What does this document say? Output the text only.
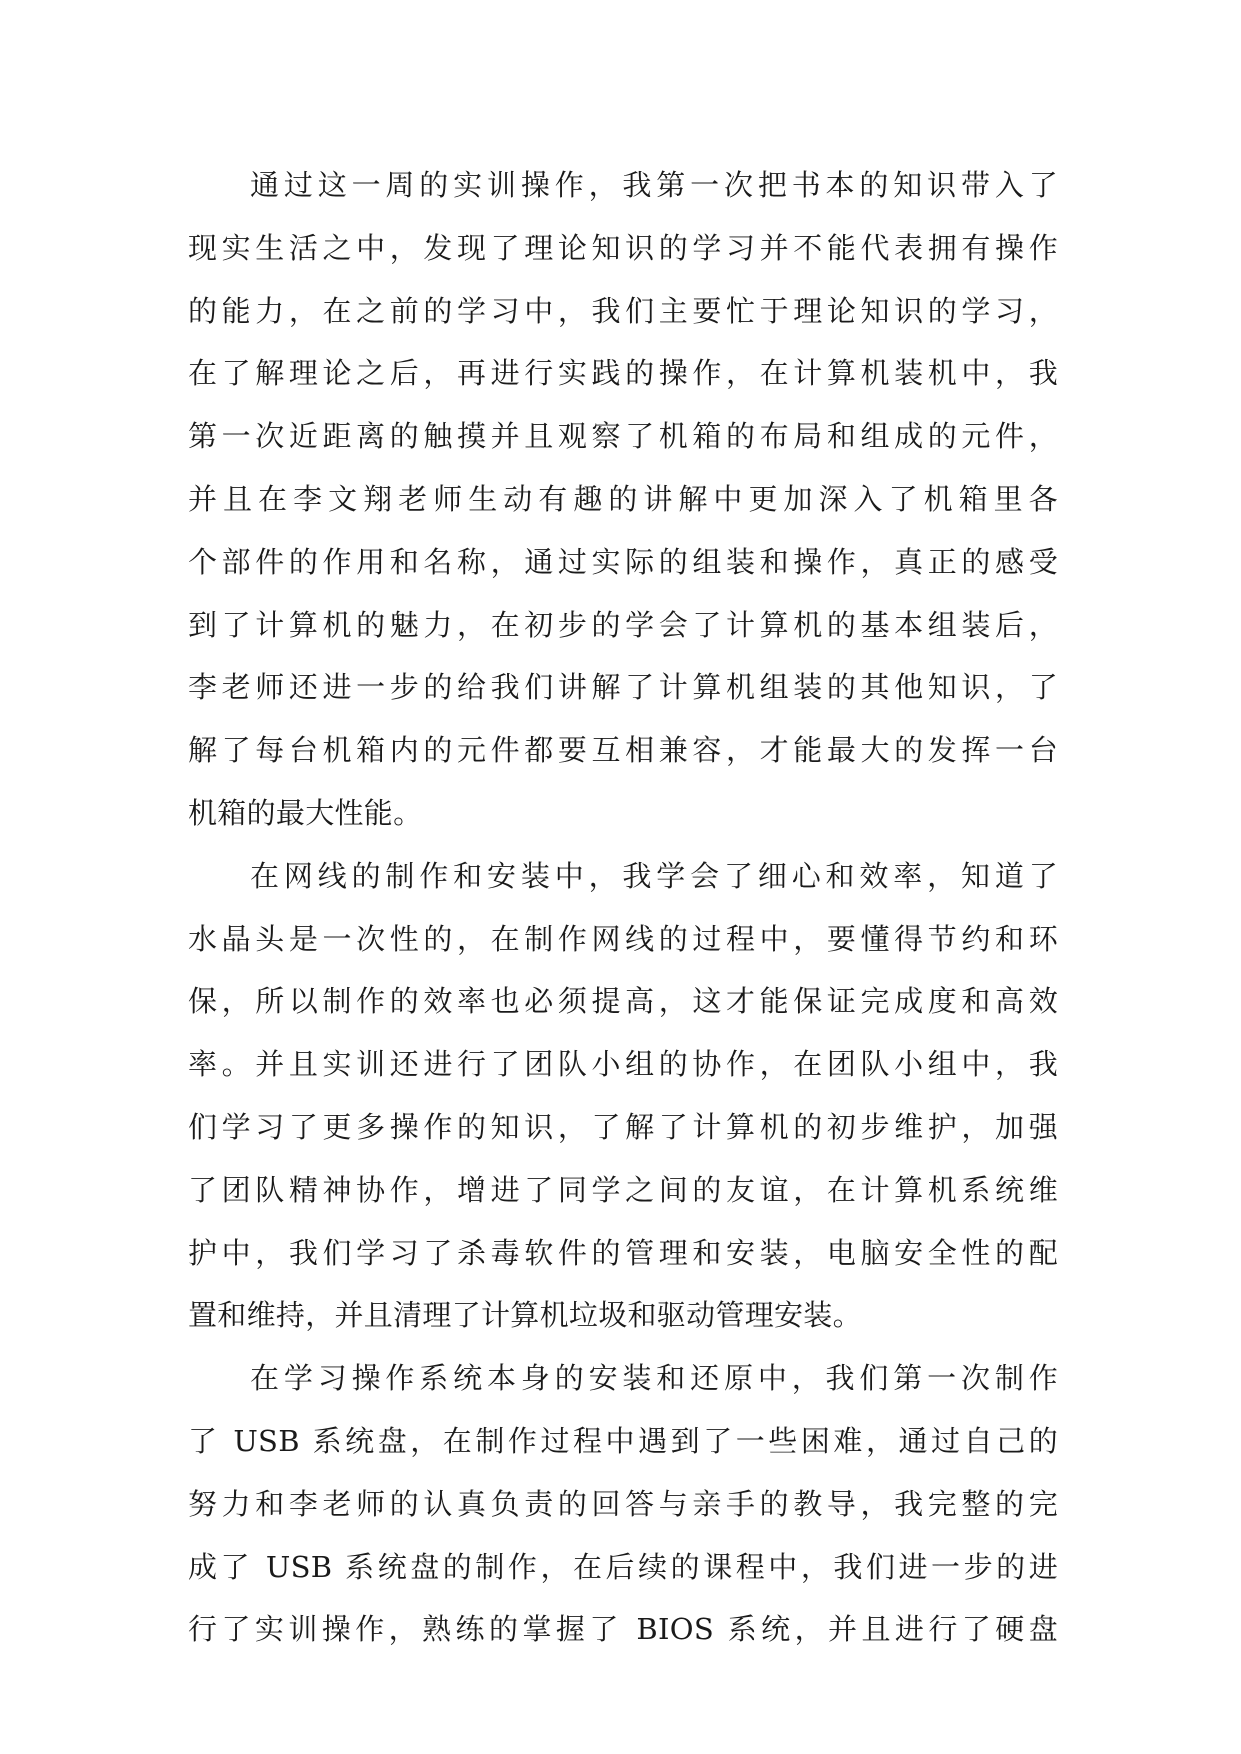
通过这一周的实训操作，我第一次把书本的知识带入了
现实生活之中，发现了理论知识的学习并不能代表拥有操作
的能力，在之前的学习中，我们主要忙于理论知识的学习，
在了解理论之后，再进行实践的操作，在计算机装机中，我
第一次近距离的触摸并且观察了机箱的布局和组成的元件，
并且在李文翔老师生动有趣的讲解中更加深入了机箱里各
个部件的作用和名称，通过实际的组装和操作，真正的感受
到了计算机的魅力，在初步的学会了计算机的基本组装后，
李老师还进一步的给我们讲解了计算机组装的其他知识，了
解了每台机箱内的元件都要互相兼容，才能最大的发挥一台
机箱的最大性能。
在网线的制作和安装中，我学会了细心和效率，知道了
水晶头是一次性的，在制作网线的过程中，要懂得节约和环
保，所以制作的效率也必须提高，这才能保证完成度和高效
率。并且实训还进行了团队小组的协作，在团队小组中，我
们学习了更多操作的知识，了解了计算机的初步维护，加强
了团队精神协作，增进了同学之间的友谊，在计算机系统维
护中，我们学习了杀毒软件的管理和安装，电脑安全性的配
置和维持，并且清理了计算机垃圾和驱动管理安装。
在学习操作系统本身的安装和还原中，我们第一次制作
了 USB 系统盘，在制作过程中遇到了一些困难，通过自己的
努力和李老师的认真负责的回答与亲手的教导，我完整的完
成了 USB 系统盘的制作，在后续的课程中，我们进一步的进
行了实训操作，熟练的掌握了 BIOS 系统，并且进行了硬盘
